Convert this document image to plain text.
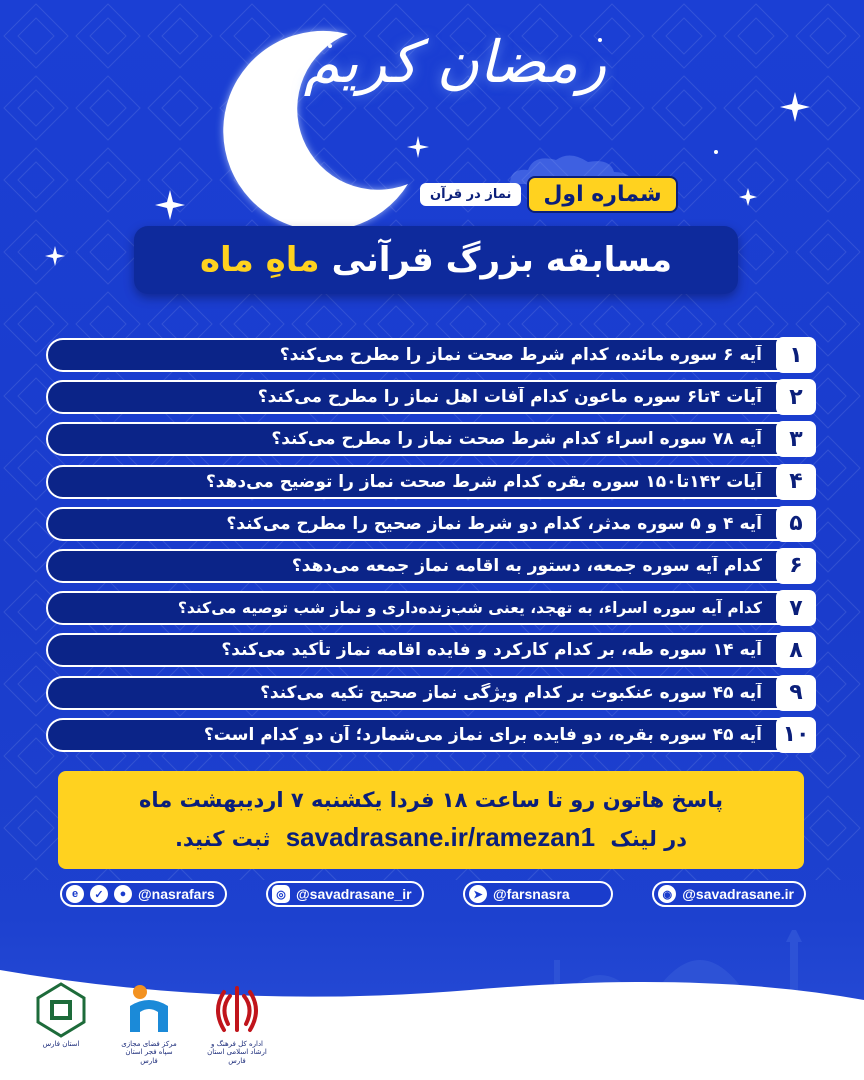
رمضان کریم
شماره اول
نماز در قرآن
مسابقه بزرگ قرآنی
ماهِ ماه
۱
آیه ۶ سوره مائده، کدام شرط صحت نماز را مطرح می‌کند؟
۲
آیات ۴تا۶ سوره ماعون کدام آفات اهل نماز را مطرح می‌کند؟
۳
آیه ۷۸ سوره اسراء کدام شرط صحت نماز را مطرح می‌کند؟
۴
آیات ۱۴۲تا۱۵۰ سوره بقره کدام شرط صحت نماز را توضیح می‌دهد؟
۵
آیه ۴ و ۵ سوره مدثر، کدام دو شرط نماز صحیح را مطرح می‌کند؟
۶
کدام آیه سوره جمعه، دستور به اقامه نماز جمعه می‌دهد؟
۷
کدام آیه سوره اسراء، به تهجد، یعنی شب‌زنده‌داری و نماز شب توصیه می‌کند؟
۸
آیه ۱۴ سوره طه، بر کدام کارکرد و فایده اقامه نماز تأکید می‌کند؟
۹
آیه ۴۵ سوره عنکبوت بر کدام ویژگی نماز صحیح تکیه می‌کند؟
۱۰
آیه ۴۵ سوره بقره، دو فایده برای نماز می‌شمارد؛ آن دو کدام است؟
پاسخ هاتون رو تا ساعت ۱۸ فردا یکشنبه ۷ اردیبهشت ماه
در لینک savadrasane.ir/ramezan1 ثبت کنید.
e	✓	● @nasrafars	◎ @savadrasane_ir	➤ @farsnasra	◉ @savadrasane.ir
استان فارس	مرکز فضای مجازی سپاه فجر استان فارس
اداره کل فرهنگ و ارشاد اسلامی استان فارس
